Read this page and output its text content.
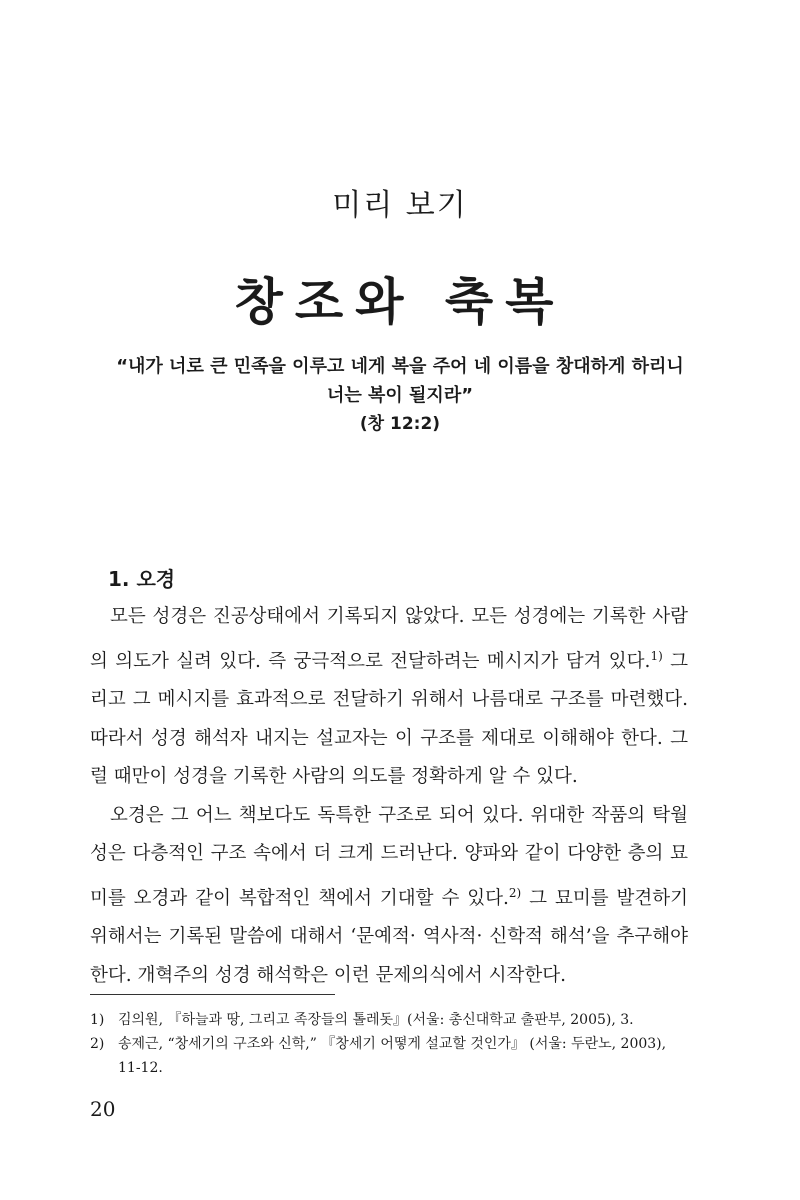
미리 보기
창조와 축복
“내가 너로 큰 민족을 이루고 네게 복을 주어 네 이름을 창대하게 하리니
너는 복이 될지라”
(창 12:2)
1. 오경

모든 성경은 진공상태에서 기록되지 않았다. 모든 성경에는 기록한 사람의 의도가 실려 있다. 즉 궁극적으로 전달하려는 메시지가 담겨 있다.$^{1)}$ 그리고 그 메시지를 효과적으로 전달하기 위해서 나름대로 구조를 마련했다. 따라서 성경 해석자 내지는 설교자는 이 구조를 제대로 이해해야 한다. 그럴 때만이 성경을 기록한 사람의 의도를 정확하게 알 수 있다.

오경은 그 어느 책보다도 독특한 구조로 되어 있다. 위대한 작품의 탁월성은 다층적인 구조 속에서 더 크게 드러난다. 양파와 같이 다양한 층의 묘미를 오경과 같이 복합적인 책에서 기대할 수 있다.$^{2)}$ 그 묘미를 발견하기 위해서는 기록된 말씀에 대해서 ‘문예적· 역사적· 신학적 해석’을 추구해야 한다. 개혁주의 성경 해석학은 이런 문제의식에서 시작한다.

1) 김의원, 『하늘과 땅, 그리고 족장들의 톨레돗』(서울: 총신대학교 출판부, 2005), 3.
2) 송제근, “창세기의 구조와 신학,” 『창세기 어떻게 설교할 것인가』 (서울: 두란노, 2003), 11-12.
20
